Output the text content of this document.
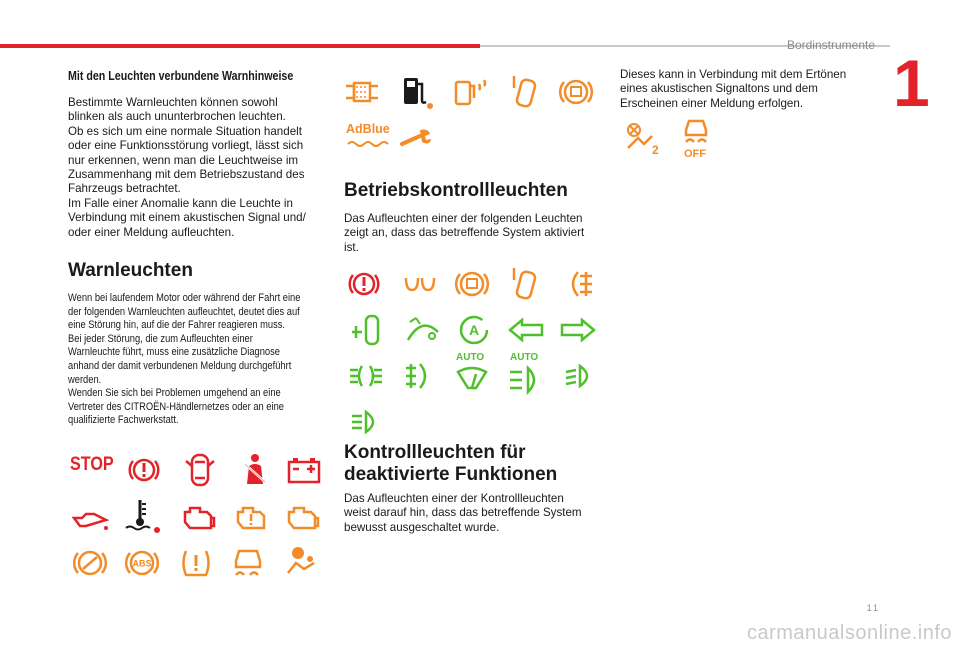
Bordinstrumente
1
Mit den Leuchten verbundene Warnhinweise
Bestimmte Warnleuchten können sowohl
blinken als auch ununterbrochen leuchten.
Ob es sich um eine normale Situation handelt
oder eine Funktionsstörung vorliegt, lässt sich
nur erkennen, wenn man die Leuchtweise im
Zusammenhang mit dem Betriebszustand des
Fahrzeugs betrachtet.
Im Falle einer Anomalie kann die Leuchte in
Verbindung mit einem akustischen Signal und/
oder einer Meldung aufleuchten.
Warnleuchten
Wenn bei laufendem Motor oder während der Fahrt eine
der folgenden Warnleuchten aufleuchtet, deutet dies auf
eine Störung hin, auf die der Fahrer reagieren muss.
Bei jeder Störung, die zum Aufleuchten einer
Warnleuchte führt, muss eine zusätzliche Diagnose
anhand der damit verbundenen Meldung durchgeführt
werden.
Wenden Sie sich bei Problemen umgehend an eine
Vertreter des CITROËN-Händlernetzes oder an eine
qualifizierte Fachwerkstatt.
STOP
ABS
AdBlue
Betriebskontrollleuchten
Das Aufleuchten einer der folgenden Leuchten
zeigt an, dass das betreffende System aktiviert
ist.
A
AUTO	AUTO
Kontrollleuchten für
deaktivierte Funktionen
Das Aufleuchten einer der Kontrollleuchten
weist darauf hin, dass das betreffende System
bewusst ausgeschaltet wurde.
Dieses kann in Verbindung mit dem Ertönen
eines akustischen Signaltons und dem
Erscheinen einer Meldung erfolgen.
2 OFF
11
carmanualsonline.info
